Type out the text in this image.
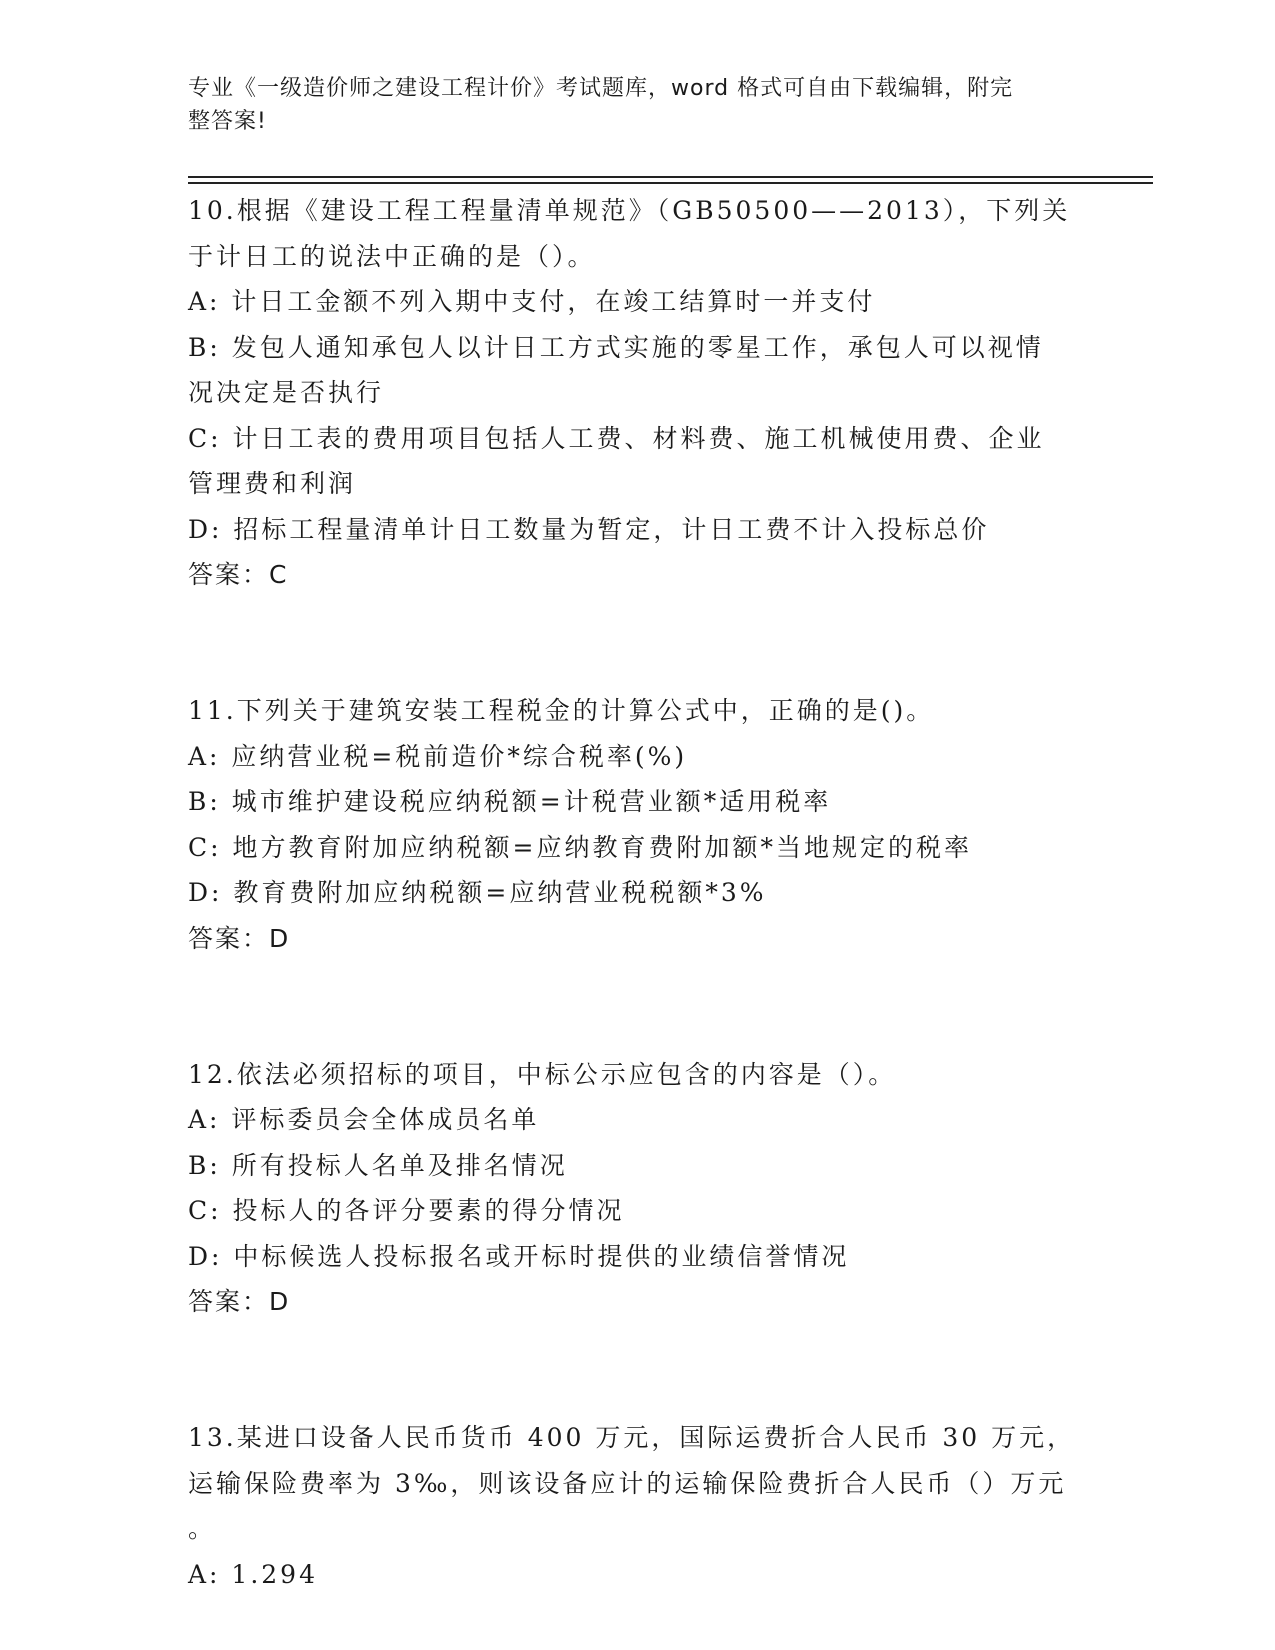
专业《一级造价师之建设工程计价》考试题库，word 格式可自由下载编辑，附完
整答案!

10.根据《建设工程工程量清单规范》（GB50500——2013），下列关

于计日工的说法中正确的是（）。

A: 计日工金额不列入期中支付，在竣工结算时一并支付

B: 发包人通知承包人以计日工方式实施的零星工作，承包人可以视情

况决定是否执行

C: 计日工表的费用项目包括人工费、材料费、施工机械使用费、企业

管理费和利润

D: 招标工程量清单计日工数量为暂定，计日工费不计入投标总价

答案：C

11.下列关于建筑安装工程税金的计算公式中，正确的是()。

A: 应纳营业税=税前造价*综合税率(%)

B: 城市维护建设税应纳税额=计税营业额*适用税率

C: 地方教育附加应纳税额=应纳教育费附加额*当地规定的税率

D: 教育费附加应纳税额=应纳营业税税额*3%

答案：D

12.依法必须招标的项目，中标公示应包含的内容是（）。

A: 评标委员会全体成员名单

B: 所有投标人名单及排名情况

C: 投标人的各评分要素的得分情况

D: 中标候选人投标报名或开标时提供的业绩信誉情况

答案：D

13.某进口设备人民币货币 400 万元，国际运费折合人民币 30 万元，

运输保险费率为 3‰，则该设备应计的运输保险费折合人民币（）万元

。

A: 1.294
